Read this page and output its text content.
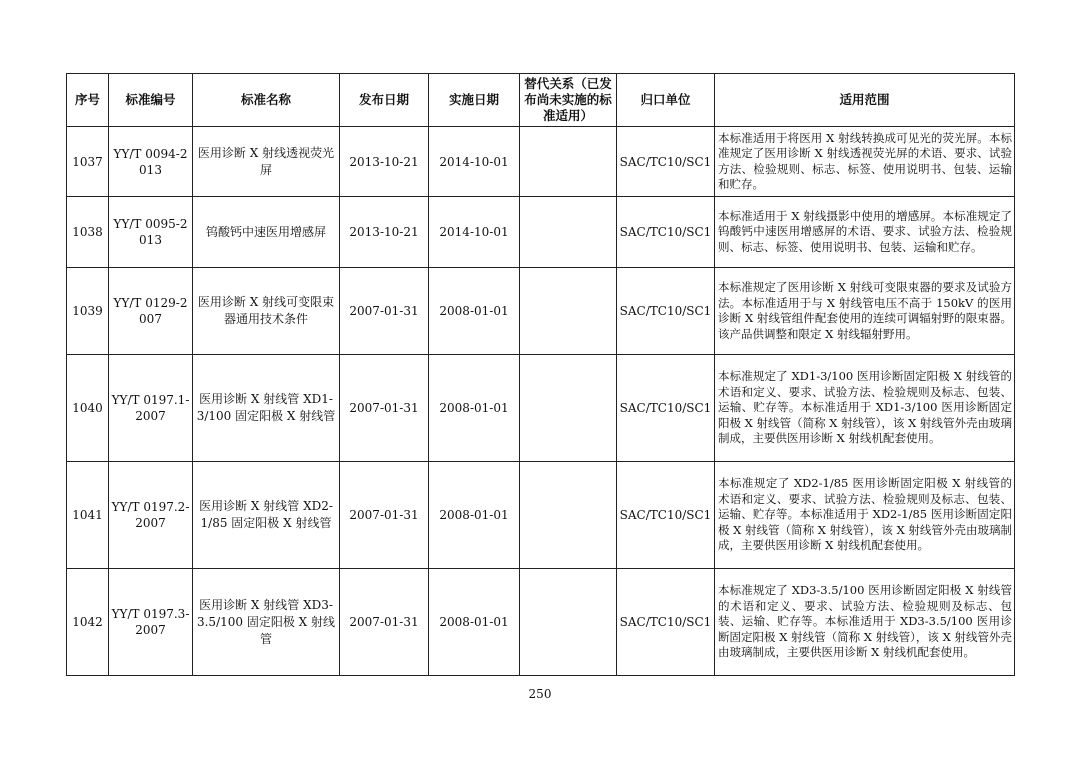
序号	标准编号	标准名称	发布日期	实施日期	替代关系（已发布尚未实施的标准适用）	归口单位	适用范围
1037	YY/T 0094-2013	医用诊断 X 射线透视荧光屏	2013-10-21	2014-10-01		SAC/TC10/SC1	本标准适用于将医用 X 射线转换成可见光的荧光屏。本标准规定了医用诊断 X 射线透视荧光屏的术语、要求、试验方法、检验规则、标志、标签、使用说明书、包装、运输和贮存。
1038	YY/T 0095-2013	钨酸钙中速医用增感屏	2013-10-21	2014-10-01		SAC/TC10/SC1	本标准适用于 X 射线摄影中使用的增感屏。本标准规定了钨酸钙中速医用增感屏的术语、要求、试验方法、检验规则、标志、标签、使用说明书、包装、运输和贮存。
1039	YY/T 0129-2007	医用诊断 X 射线可变限束器通用技术条件	2007-01-31	2008-01-01		SAC/TC10/SC1	本标准规定了医用诊断 X 射线可变限束器的要求及试验方法。本标准适用于与 X 射线管电压不高于 150kV 的医用诊断 X 射线管组件配套使用的连续可调辐射野的限束器。该产品供调整和限定 X 射线辐射野用。
1040	YY/T 0197.1-2007	医用诊断 X 射线管 XD1-3/100 固定阳极 X 射线管	2007-01-31	2008-01-01		SAC/TC10/SC1	本标准规定了 XD1-3/100 医用诊断固定阳极 X 射线管的术语和定义、要求、试验方法、检验规则及标志、包装、运输、贮存等。本标准适用于 XD1-3/100 医用诊断固定阳极 X 射线管（简称 X 射线管），该 X 射线管外壳由玻璃制成，主要供医用诊断 X 射线机配套使用。
1041	YY/T 0197.2-2007	医用诊断 X 射线管 XD2-1/85 固定阳极 X 射线管	2007-01-31	2008-01-01		SAC/TC10/SC1	本标准规定了 XD2-1/85 医用诊断固定阳极 X 射线管的术语和定义、要求、试验方法、检验规则及标志、包装、运输、贮存等。本标准适用于 XD2-1/85 医用诊断固定阳极 X 射线管（简称 X 射线管），该 X 射线管外壳由玻璃制成，主要供医用诊断 X 射线机配套使用。
1042	YY/T 0197.3-2007	医用诊断 X 射线管 XD3-3.5/100 固定阳极 X 射线管	2007-01-31	2008-01-01		SAC/TC10/SC1	本标准规定了 XD3-3.5/100 医用诊断固定阳极 X 射线管的术语和定义、要求、试验方法、检验规则及标志、包装、运输、贮存等。本标准适用于 XD3-3.5/100 医用诊断固定阳极 X 射线管（简称 X 射线管），该 X 射线管外壳由玻璃制成，主要供医用诊断 X 射线机配套使用。
250
